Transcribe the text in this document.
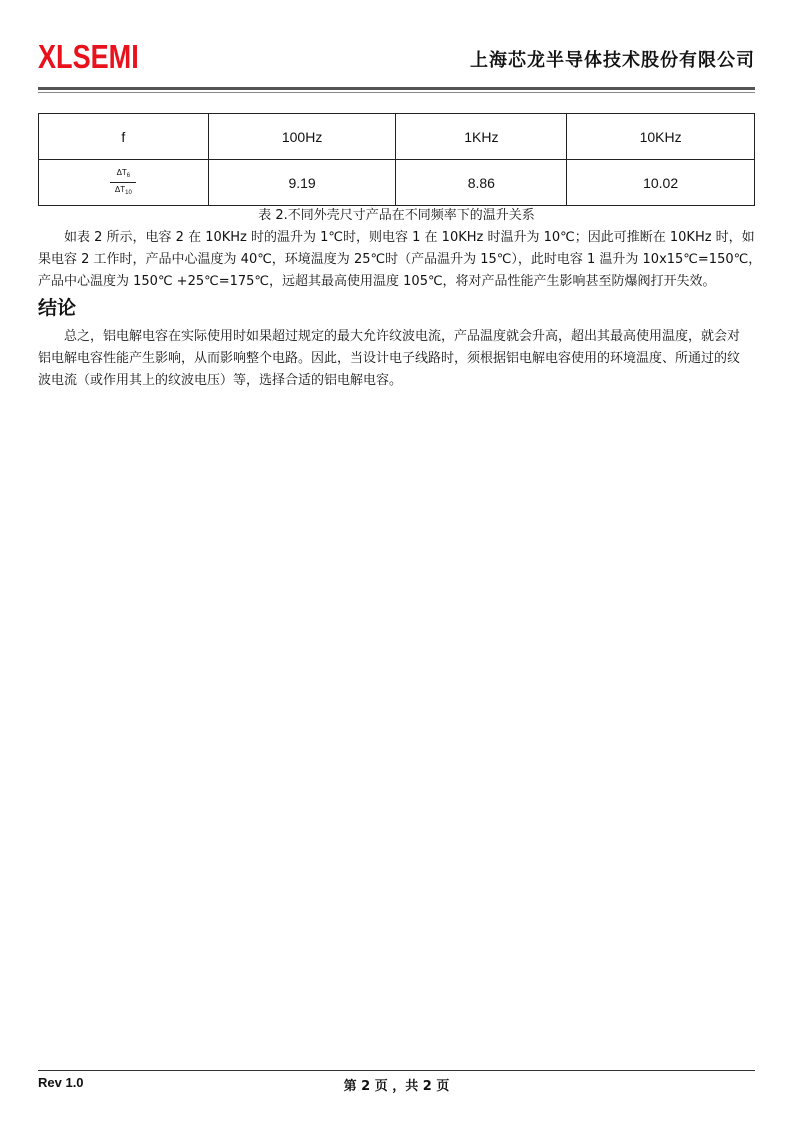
XLSEMI	上海芯龙半导体技术股份有限公司
f	100Hz	1KHz	10KHz

$\frac{\Delta T_6}{\Delta T_{10}}$	9.19	8.86	10.02
表 2.不同外壳尺寸产品在不同频率下的温升关系
如表 2 所示，电容 2 在 10KHz 时的温升为 1℃时，则电容 1 在 10KHz 时温升为 10℃；因此可推断在 10KHz 时，如
果电容 2 工作时，产品中心温度为 40℃，环境温度为 25℃时（产品温升为 15℃），此时电容 1 温升为 10x15℃=150℃，
产品中心温度为 150℃ +25℃=175℃，远超其最高使用温度 105℃，将对产品性能产生影响甚至防爆阀打开失效。
结论
总之，铝电解电容在实际使用时如果超过规定的最大允许纹波电流，产品温度就会升高，超出其最高使用温度，就会对
铝电解电容性能产生影响，从而影响整个电路。因此，当设计电子线路时，须根据铝电解电容使用的环境温度、所通过的纹
波电流（或作用其上的纹波电压）等，选择合适的铝电解电容。
Rev 1.0	第 2 页 ，共 2 页
